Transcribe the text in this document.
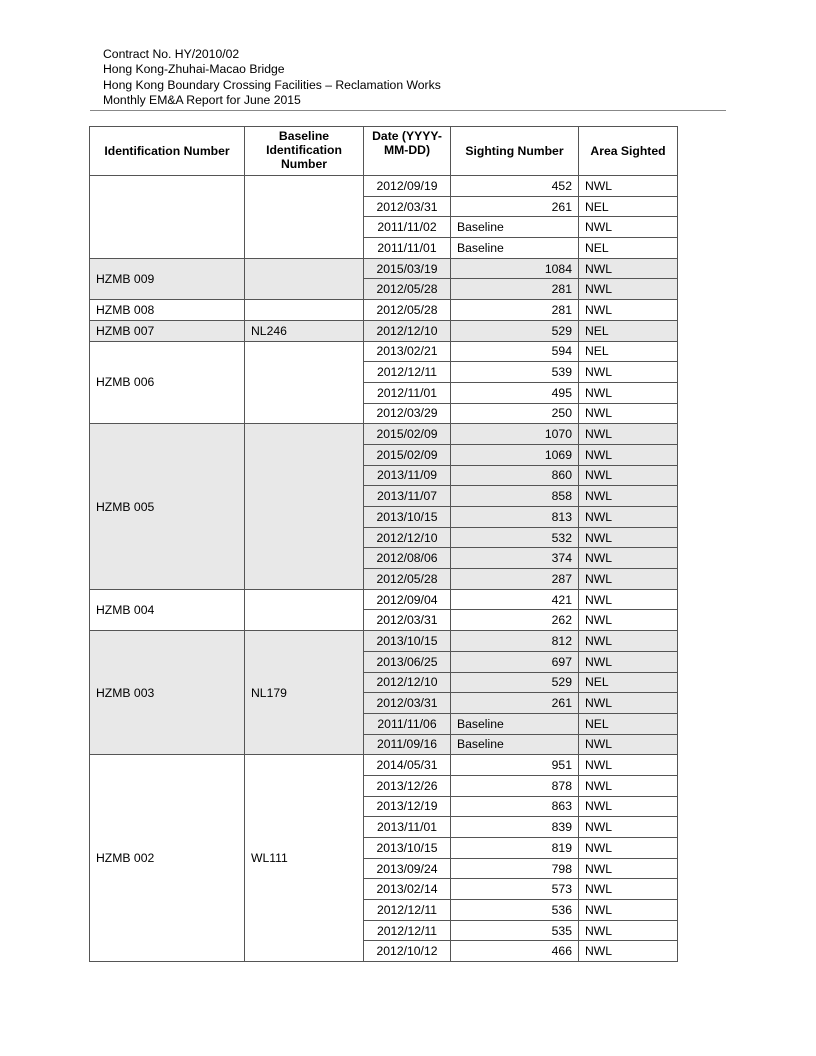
Contract No. HY/2010/02
Hong Kong-Zhuhai-Macao Bridge
Hong Kong Boundary Crossing Facilities – Reclamation Works
Monthly EM&A Report for June 2015
Identification Number	Baseline Identification Number	Date (YYYY-MM-DD)	Sighting Number	Area Sighted
		2012/09/19	452	NWL
		2012/03/31	261	NEL
		2011/11/02	Baseline	NWL
		2011/11/01	Baseline	NEL
HZMB 009		2015/03/19	1084	NWL
		2012/05/28	281	NWL
HZMB 008		2012/05/28	281	NWL
HZMB 007	NL246	2012/12/10	529	NEL
HZMB 006		2013/02/21	594	NEL
		2012/12/11	539	NWL
		2012/11/01	495	NWL
		2012/03/29	250	NWL
HZMB 005		2015/02/09	1070	NWL
		2015/02/09	1069	NWL
		2013/11/09	860	NWL
		2013/11/07	858	NWL
		2013/10/15	813	NWL
		2012/12/10	532	NWL
		2012/08/06	374	NWL
		2012/05/28	287	NWL
HZMB 004		2012/09/04	421	NWL
		2012/03/31	262	NWL
HZMB 003	NL179	2013/10/15	812	NWL
		2013/06/25	697	NWL
		2012/12/10	529	NEL
		2012/03/31	261	NWL
		2011/11/06	Baseline	NEL
		2011/09/16	Baseline	NWL
HZMB 002	WL111	2014/05/31	951	NWL
		2013/12/26	878	NWL
		2013/12/19	863	NWL
		2013/11/01	839	NWL
		2013/10/15	819	NWL
		2013/09/24	798	NWL
		2013/02/14	573	NWL
		2012/12/11	536	NWL
		2012/12/11	535	NWL
		2012/10/12	466	NWL
